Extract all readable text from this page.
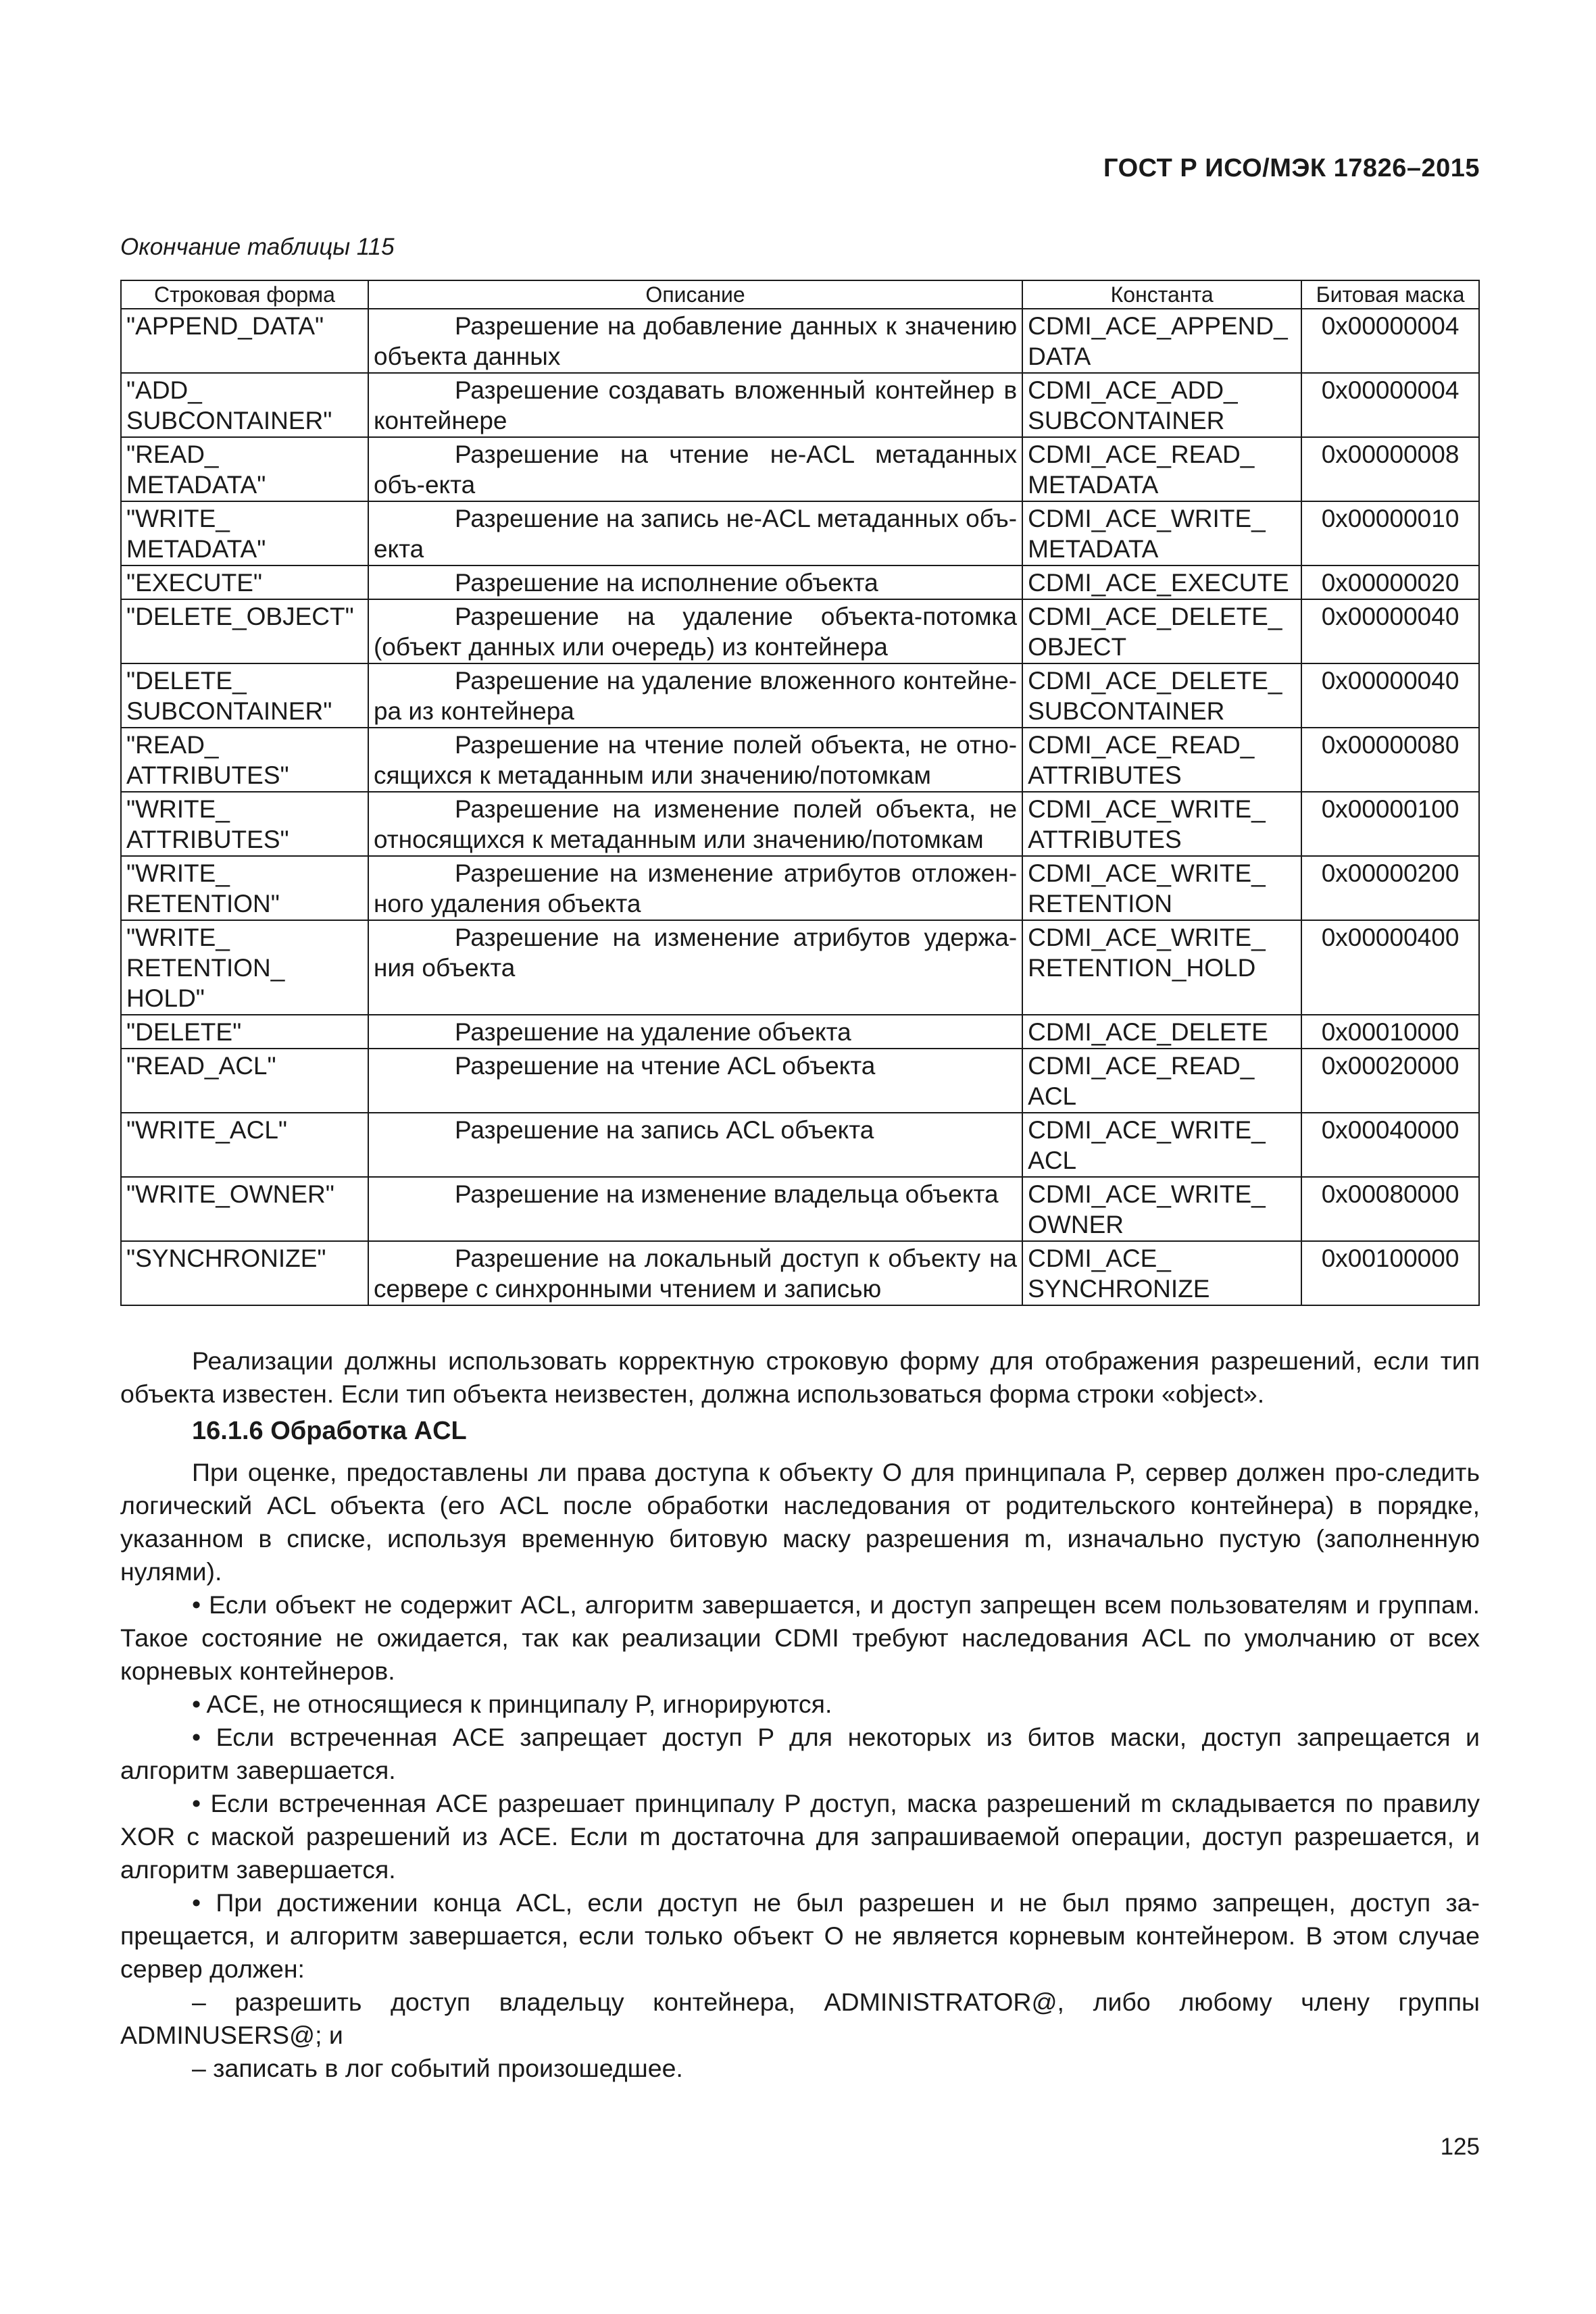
ГОСТ Р ИСО/МЭК 17826–2015
Окончание таблицы 115
Строковая форма	Описание	Константа	Битовая маска
"APPEND_DATA"	Разрешение на добавление данных к значению объекта данных	CDMI_ACE_APPEND_ DATA	0x00000004
"ADD_ SUBCONTAINER"	Разрешение создавать вложенный контейнер в контейнере	CDMI_ACE_ADD_ SUBCONTAINER	0x00000004
"READ_ METADATA"	Разрешение на чтение не-ACL метаданных объ-екта	CDMI_ACE_READ_ METADATA	0x00000008
"WRITE_ METADATA"	Разрешение на запись не-ACL метаданных объ-екта	CDMI_ACE_WRITE_ METADATA	0x00000010
"EXECUTE"	Разрешение на исполнение объекта	CDMI_ACE_EXECUTE	0x00000020
"DELETE_OBJECT"	Разрешение на удаление объекта-потомка (объект данных или очередь) из контейнера	CDMI_ACE_DELETE_ OBJECT	0x00000040
"DELETE_ SUBCONTAINER"	Разрешение на удаление вложенного контейне-ра из контейнера	CDMI_ACE_DELETE_ SUBCONTAINER	0x00000040
"READ_ ATTRIBUTES"	Разрешение на чтение полей объекта, не отно-сящихся к метаданным или значению/потомкам	CDMI_ACE_READ_ ATTRIBUTES	0x00000080
"WRITE_ ATTRIBUTES"	Разрешение на изменение полей объекта, не относящихся к метаданным или значению/потомкам	CDMI_ACE_WRITE_ ATTRIBUTES	0x00000100
"WRITE_ RETENTION"	Разрешение на изменение атрибутов отложен-ного удаления объекта	CDMI_ACE_WRITE_ RETENTION	0x00000200
"WRITE_ RETENTION_ HOLD"	Разрешение на изменение атрибутов удержа-ния объекта	CDMI_ACE_WRITE_ RETENTION_HOLD	0x00000400
"DELETE"	Разрешение на удаление объекта	CDMI_ACE_DELETE	0x00010000
"READ_ACL"	Разрешение на чтение ACL объекта	CDMI_ACE_READ_ ACL	0x00020000
"WRITE_ACL"	Разрешение на запись ACL объекта	CDMI_ACE_WRITE_ ACL	0x00040000
"WRITE_OWNER"	Разрешение на изменение владельца объекта	CDMI_ACE_WRITE_ OWNER	0x00080000
"SYNCHRONIZE"	Разрешение на локальный доступ к объекту на сервере с синхронными чтением и записью	CDMI_ACE_ SYNCHRONIZE	0x00100000

Реализации должны использовать корректную строковую форму для отображения разрешений, если тип объекта известен. Если тип объекта неизвестен, должна использоваться форма строки «object».

16.1.6 Обработка ACL

При оценке, предоставлены ли права доступа к объекту O для принципала P, сервер должен про-следить логический ACL объекта (его ACL после обработки наследования от родительского контейнера) в порядке, указанном в списке, используя временную битовую маску разрешения m, изначально пустую (заполненную нулями).

• Если объект не содержит ACL, алгоритм завершается, и доступ запрещен всем пользователям и группам. Такое состояние не ожидается, так как реализации CDMI требуют наследования ACL по умолчанию от всех корневых контейнеров.

• ACE, не относящиеся к принципалу P, игнорируются.

• Если встреченная ACE запрещает доступ P для некоторых из битов маски, доступ запрещается и алгоритм завершается.

• Если встреченная ACE разрешает принципалу P доступ, маска разрешений m складывается по правилу XOR с маской разрешений из ACE. Если m достаточна для запрашиваемой операции, доступ разрешается, и алгоритм завершается.

• При достижении конца ACL, если доступ не был разрешен и не был прямо запрещен, доступ за-прещается, и алгоритм завершается, если только объект O не является корневым контейнером. В этом случае сервер должен:

– разрешить доступ владельцу контейнера, ADMINISTRATOR@, либо любому члену группы ADMINUSERS@; и

– записать в лог событий произошедшее.

125
